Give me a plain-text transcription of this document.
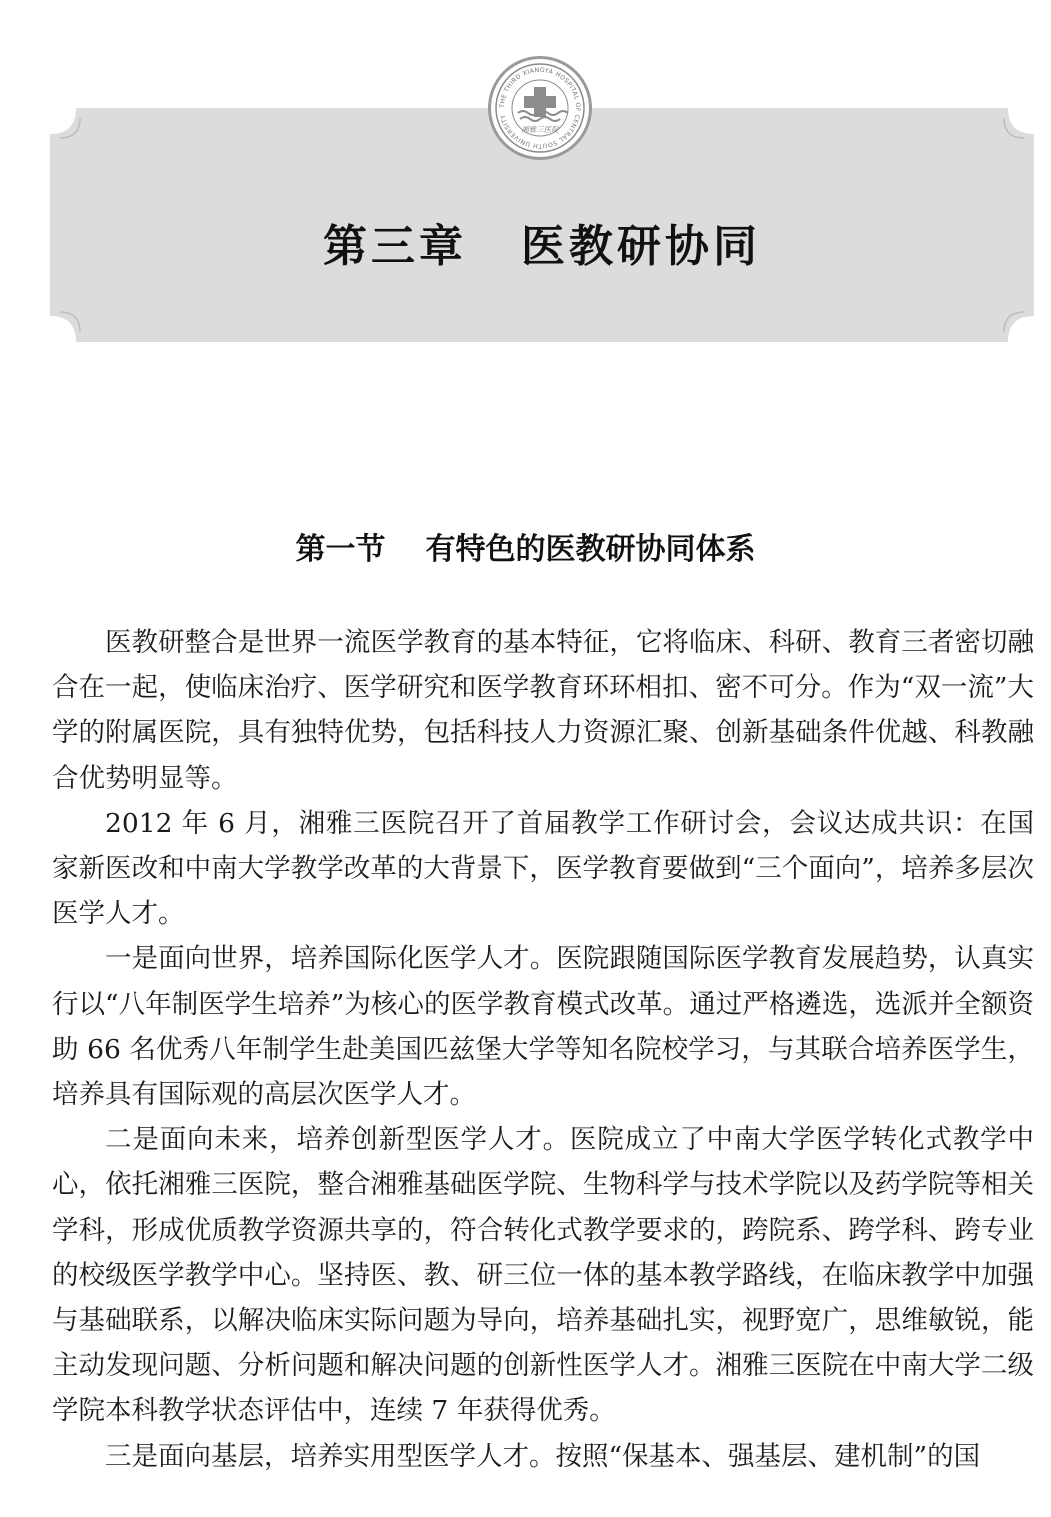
第三章 医教研协同
THE THIRD XIANGYA HOSPITAL OF CENTRAL SOUTH UNIVERSITY
湘雅三医院
第一节 有特色的医教研协同体系

医教研整合是世界一流医学教育的基本特征，它将临床、科研、教育三者密切融合在一起，使临床治疗、医学研究和医学教育环环相扣、密不可分。作为“双一流”大学的附属医院，具有独特优势，包括科技人力资源汇聚、创新基础条件优越、科教融合优势明显等。

2012 年 6 月，湘雅三医院召开了首届教学工作研讨会，会议达成共识：在国家新医改和中南大学教学改革的大背景下，医学教育要做到“三个面向”，培养多层次医学人才。

一是面向世界，培养国际化医学人才。医院跟随国际医学教育发展趋势，认真实行以“八年制医学生培养”为核心的医学教育模式改革。通过严格遴选，选派并全额资助 66 名优秀八年制学生赴美国匹兹堡大学等知名院校学习，与其联合培养医学生，培养具有国际观的高层次医学人才。

二是面向未来，培养创新型医学人才。医院成立了中南大学医学转化式教学中心，依托湘雅三医院，整合湘雅基础医学院、生物科学与技术学院以及药学院等相关学科，形成优质教学资源共享的，符合转化式教学要求的，跨院系、跨学科、跨专业的校级医学教学中心。坚持医、教、研三位一体的基本教学路线，在临床教学中加强与基础联系，以解决临床实际问题为导向，培养基础扎实，视野宽广，思维敏锐，能主动发现问题、分析问题和解决问题的创新性医学人才。湘雅三医院在中南大学二级学院本科教学状态评估中，连续 7 年获得优秀。

三是面向基层，培养实用型医学人才。按照“保基本、强基层、建机制”的国
